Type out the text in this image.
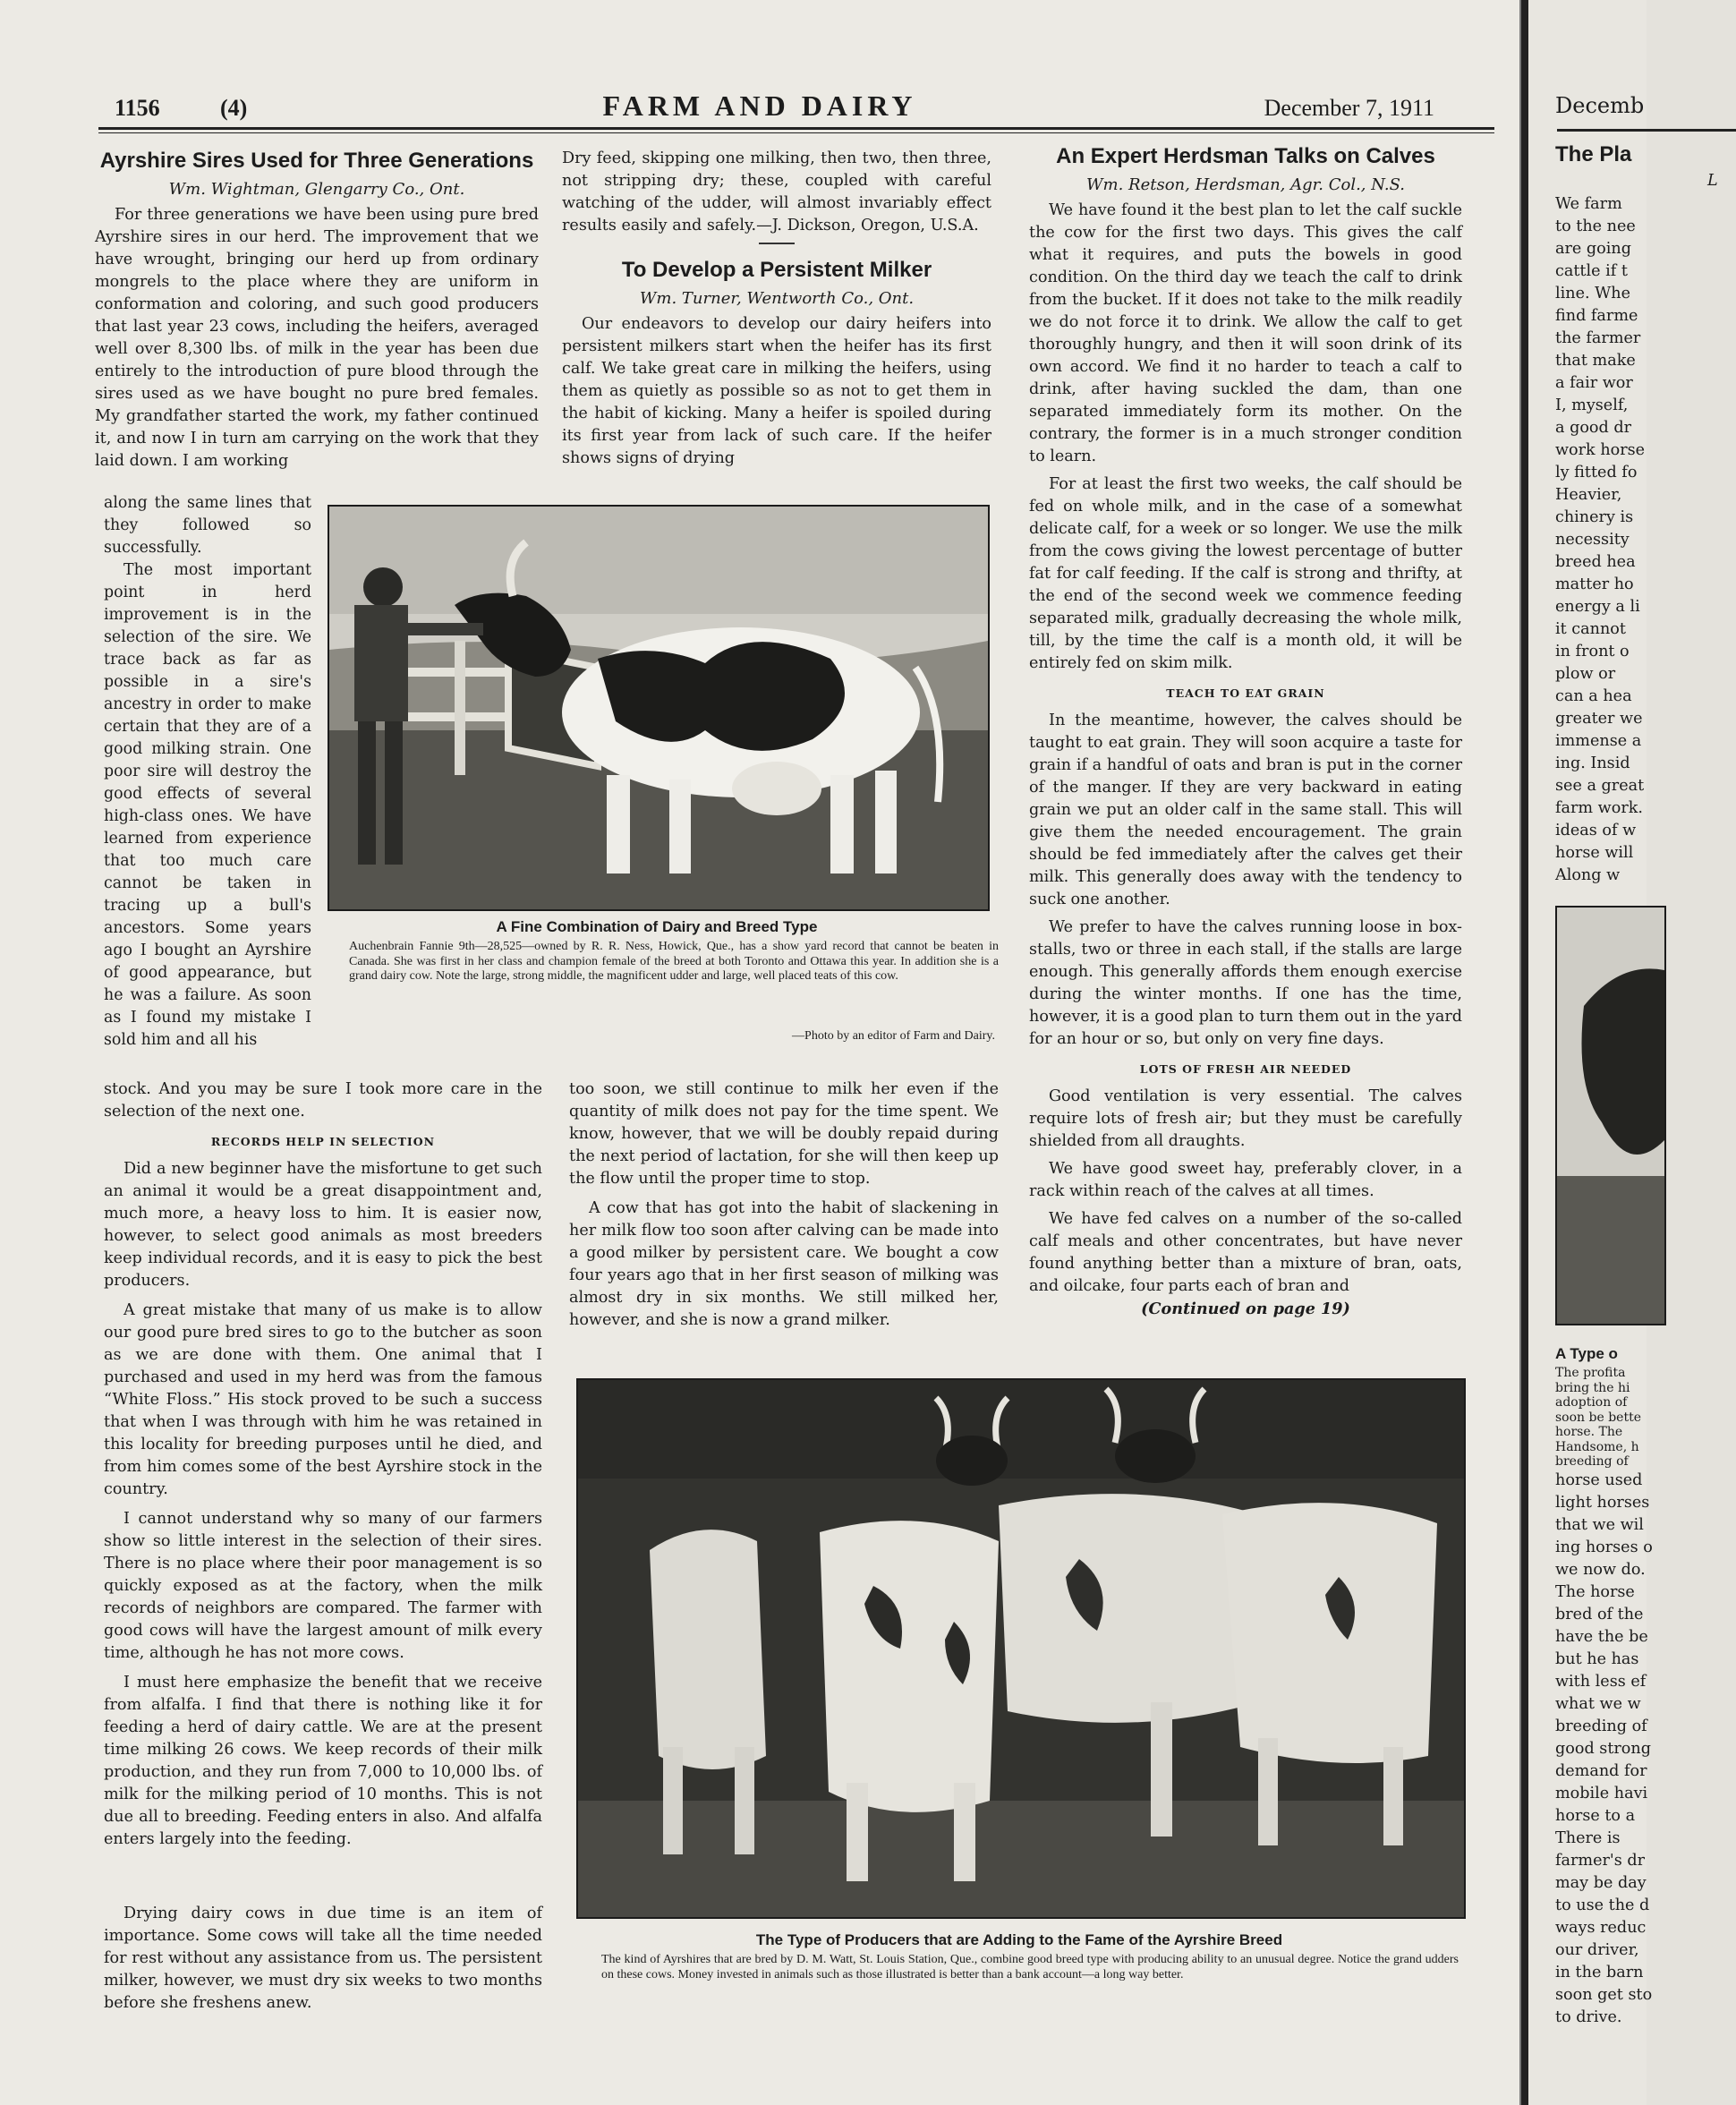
1156	(4)	FARM AND DAIRY	December 7, 1911
Ayrshire Sires Used for Three Generations
Wm. Wightman, Glengarry Co., Ont.

For three generations we have been using pure bred Ayrshire sires in our herd. The improvement that we have wrought, bringing our herd up from ordinary mongrels to the place where they are uniform in conformation and coloring, and such good producers that last year 23 cows, including the heifers, averaged well over 8,300 lbs. of milk in the year has been due entirely to the introduction of pure blood through the sires used as we have bought no pure bred females. My grandfather started the work, my father continued it, and now I in turn am carrying on the work that they laid down. I am working

along the same lines that they followed so successfully.

The most important point in herd improvement is in the selection of the sire. We trace back as far as possible in a sire's ancestry in order to make certain that they are of a good milking strain. One poor sire will destroy the good effects of several high-class ones. We have learned from experience that too much care cannot be taken in tracing up a bull's ancestors. Some years ago I bought an Ayrshire of good appearance, but he was a failure. As soon as I found my mistake I sold him and all his

stock. And you may be sure I took more care in the selection of the next one.

RECORDS HELP IN SELECTION

Did a new beginner have the misfortune to get such an animal it would be a great disappointment and, much more, a heavy loss to him. It is easier now, however, to select good animals as most breeders keep individual records, and it is easy to pick the best producers.

A great mistake that many of us make is to allow our good pure bred sires to go to the butcher as soon as we are done with them. One animal that I purchased and used in my herd was from the famous “White Floss.” His stock proved to be such a success that when I was through with him he was retained in this locality for breeding purposes until he died, and from him comes some of the best Ayrshire stock in the country.

I cannot understand why so many of our farmers show so little interest in the selection of their sires. There is no place where their poor management is so quickly exposed as at the factory, when the milk records of neighbors are compared. The farmer with good cows will have the largest amount of milk every time, although he has not more cows.

I must here emphasize the benefit that we receive from alfalfa. I find that there is nothing like it for feeding a herd of dairy cattle. We are at the present time milking 26 cows. We keep records of their milk production, and they run from 7,000 to 10,000 lbs. of milk for the milking period of 10 months. This is not due all to breeding. Feeding enters in also. And alfalfa enters largely into the feeding.

Drying dairy cows in due time is an item of importance. Some cows will take all the time needed for rest without any assistance from us. The persistent milker, however, we must dry six weeks to two months before she freshens anew.

Dry feed, skipping one milking, then two, then three, not stripping dry; these, coupled with careful watching of the udder, will almost invariably effect results easily and safely.—J. Dickson, Oregon, U.S.A.

To Develop a Persistent Milker
Wm. Turner, Wentworth Co., Ont.

Our endeavors to develop our dairy heifers into persistent milkers start when the heifer has its first calf. We take great care in milking the heifers, using them as quietly as possible so as not to get them in the habit of kicking. Many a heifer is spoiled during its first year from lack of such care. If the heifer shows signs of drying

A Fine Combination of Dairy and Breed Type
Auchenbrain Fannie 9th—28,525—owned by R. R. Ness, Howick, Que., has a show yard record that cannot be beaten in Canada. She was first in her class and champion female of the breed at both Toronto and Ottawa this year. In addition she is a grand dairy cow. Note the large, strong middle, the magnificent udder and large, well placed teats of this cow.
—Photo by an editor of Farm and Dairy.

too soon, we still continue to milk her even if the quantity of milk does not pay for the time spent. We know, however, that we will be doubly repaid during the next period of lactation, for she will then keep up the flow until the proper time to stop.

A cow that has got into the habit of slackening in her milk flow too soon after calving can be made into a good milker by persistent care. We bought a cow four years ago that in her first season of milking was almost dry in six months. We still milked her, however, and she is now a grand milker.

An Expert Herdsman Talks on Calves
Wm. Retson, Herdsman, Agr. Col., N.S.

We have found it the best plan to let the calf suckle the cow for the first two days. This gives the calf what it requires, and puts the bowels in good condition. On the third day we teach the calf to drink from the bucket. If it does not take to the milk readily we do not force it to drink. We allow the calf to get thoroughly hungry, and then it will soon drink of its own accord. We find it no harder to teach a calf to drink, after having suckled the dam, than one separated immediately form its mother. On the contrary, the former is in a much stronger condition to learn.

For at least the first two weeks, the calf should be fed on whole milk, and in the case of a somewhat delicate calf, for a week or so longer. We use the milk from the cows giving the lowest percentage of butter fat for calf feeding. If the calf is strong and thrifty, at the end of the second week we commence feeding separated milk, gradually decreasing the whole milk, till, by the time the calf is a month old, it will be entirely fed on skim milk.

TEACH TO EAT GRAIN

In the meantime, however, the calves should be taught to eat grain. They will soon acquire a taste for grain if a handful of oats and bran is put in the corner of the manger. If they are very backward in eating grain we put an older calf in the same stall. This will give them the needed encouragement. The grain should be fed immediately after the calves get their milk. This generally does away with the tendency to suck one another.

We prefer to have the calves running loose in box-stalls, two or three in each stall, if the stalls are large enough. This generally affords them enough exercise during the winter months. If one has the time, however, it is a good plan to turn them out in the yard for an hour or so, but only on very fine days.

LOTS OF FRESH AIR NEEDED

Good ventilation is very essential. The calves require lots of fresh air; but they must be carefully shielded from all draughts.

We have good sweet hay, preferably clover, in a rack within reach of the calves at all times.

We have fed calves on a number of the so-called calf meals and other concentrates, but have never found anything better than a mixture of bran, oats, and oilcake, four parts each of bran and

(Continued on page 19)
The Type of Producers that are Adding to the Fame of the Ayrshire Breed
The kind of Ayrshires that are bred by D. M. Watt, St. Louis Station, Que., combine good breed type with producing ability to an unusual degree. Notice the grand udders on these cows. Money invested in animals such as those illustrated is better than a bank account—a long way better.
Decemb
The Pla
L
We farm
to the nee
are going
cattle if t
line. Whe
find farme
the farmer
that make
a fair wor
I, myself,
a good dr
work horse
ly fitted fo
Heavier,
chinery is
necessity
breed hea
matter ho
energy a li
it cannot
in front o
plow or
can a hea
greater we
immense a
ing. Insid
see a great
farm work.
ideas of w
horse will
Along w
A Type o
The profita
bring the hi
adoption of
soon be bette
horse. The
Handsome, h
breeding of
horse used
light horses
that we wil
ing horses o
we now do.
The horse
bred of the
have the be
but he has
with less ef
what we w
breeding of
good strong
demand for
mobile havi
horse to a
There is
farmer's dr
may be day
to use the d
ways reduc
our driver,
in the barn
soon get sto
to drive.
